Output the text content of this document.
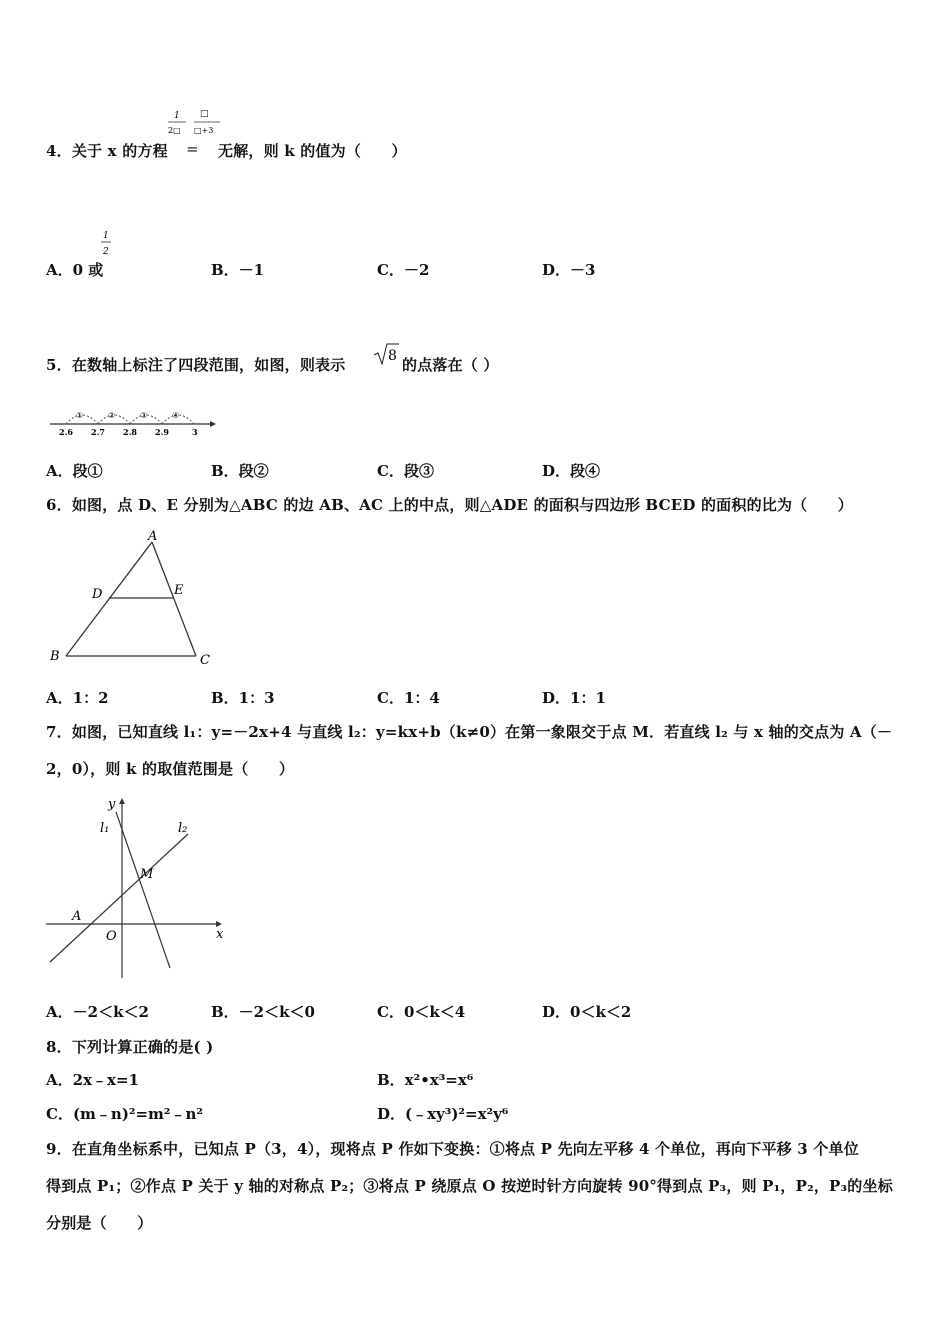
4．关于 x 的方程
1
2□
□
□+3
= 无解，则 k 的值为（　　）
A．0 或
1
2
B．－1	C．－2	D．－3
5．在数轴上标注了四段范围，如图，则表示	8 的点落在（ ）
①	②	③	④
2.6 2.7 2.8 2.9	3
A．段①	B．段②	C．段③	D．段④
6．如图，点 D、E 分别为△ABC 的边 AB、AC 上的中点，则△ADE 的面积与四边形 BCED 的面积的比为（　　）
A
B	C
D	E
A．1：2	B．1：3	C．1：4	D．1：1
7．如图，已知直线 l₁：y=－2x+4 与直线 l₂：y=kx+b（k≠0）在第一象限交于点 M．若直线 l₂ 与 x 轴的交点为 A（－
2，0），则 k 的取值范围是（　　）
y
x
O
A
M
l₁	l₂
A．－2＜k＜2	B．－2＜k＜0	C．0＜k＜4	D．0＜k＜2
8．下列计算正确的是( )
A．2x﹣x=1	B．x²•x³=x⁶
C．(m﹣n)²=m²﹣n²	D．(﹣xy³)²=x²y⁶
9．在直角坐标系中，已知点 P（3，4），现将点 P 作如下变换：①将点 P 先向左平移 4 个单位，再向下平移 3 个单位
得到点 P₁；②作点 P 关于 y 轴的对称点 P₂；③将点 P 绕原点 O 按逆时针方向旋转 90°得到点 P₃，则 P₁，P₂，P₃的坐标
分别是（　　）
